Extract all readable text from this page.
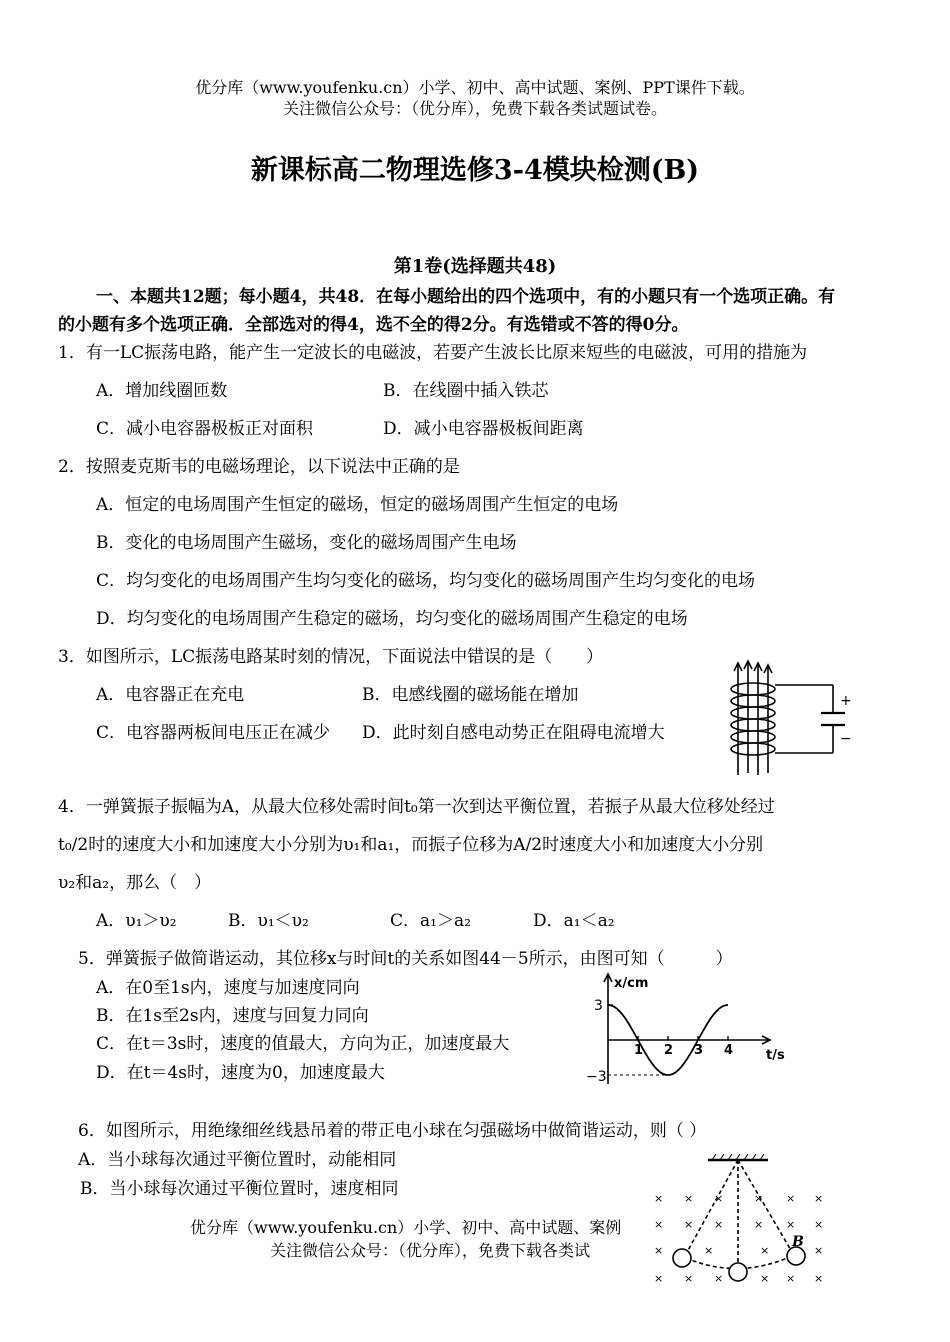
优分库（www.youfenku.cn）小学、初中、高中试题、案例、PPT课件下载。
关注微信公众号：（优分库），免费下载各类试题试卷。
新课标高二物理选修3-4模块检测(B)
第1卷(选择题共48)
一、本题共12题；每小题4，共48．在每小题给出的四个选项中，有的小题只有一个选项正确。有
的小题有多个选项正确．全部选对的得4，选不全的得2分。有选错或不答的得0分。
1．有一LC振荡电路，能产生一定波长的电磁波，若要产生波长比原来短些的电磁波，可用的措施为
A．增加线圈匝数	B．在线圈中插入铁芯
C．减小电容器极板正对面积	D．减小电容器极板间距离
2．按照麦克斯韦的电磁场理论，以下说法中正确的是
A．恒定的电场周围产生恒定的磁场，恒定的磁场周围产生恒定的电场
B．变化的电场周围产生磁场，变化的磁场周围产生电场
C．均匀变化的电场周围产生均匀变化的磁场，均匀变化的磁场周围产生均匀变化的电场
D．均匀变化的电场周围产生稳定的磁场，均匀变化的磁场周围产生稳定的电场
3．如图所示，LC振荡电路某时刻的情况，下面说法中错误的是（　　）
A．电容器正在充电	B．电感线圈的磁场能在增加
C．电容器两板间电压正在减少 D．此时刻自感电动势正在阻碍电流增大
+
−
4．一弹簧振子振幅为A，从最大位移处需时间t₀第一次到达平衡位置，若振子从最大位移处经过
t₀/2时的速度大小和加速度大小分别为υ₁和a₁，而振子位移为A/2时速度大小和加速度大小分别
υ₂和a₂，那么（　）
A．υ₁＞υ₂	B．υ₁＜υ₂	C．a₁＞a₂	D．a₁＜a₂
5．弹簧振子做简谐运动，其位移x与时间t的关系如图44－5所示，由图可知（　　　）
A．在0至1s内，速度与加速度同向
B．在1s至2s内，速度与回复力同向
C．在t＝3s时，速度的值最大，方向为正，加速度最大
D．在t＝4s时，速度为0，加速度最大
1 2 3 4
x/cm
t/s
3
−3
6．如图所示，用绝缘细丝线悬吊着的带正电小球在匀强磁场中做简谐运动，则（ ）
A．当小球每次通过平衡位置时，动能相同
B．当小球每次通过平衡位置时，速度相同
优分库（www.youfenku.cn）小学、初中、高中试题、案例
关注微信公众号：（优分库），免费下载各类试
× × ×	× × ×
× × ×	× × ×
×	×	×	×
× × ×	× × ×
B
